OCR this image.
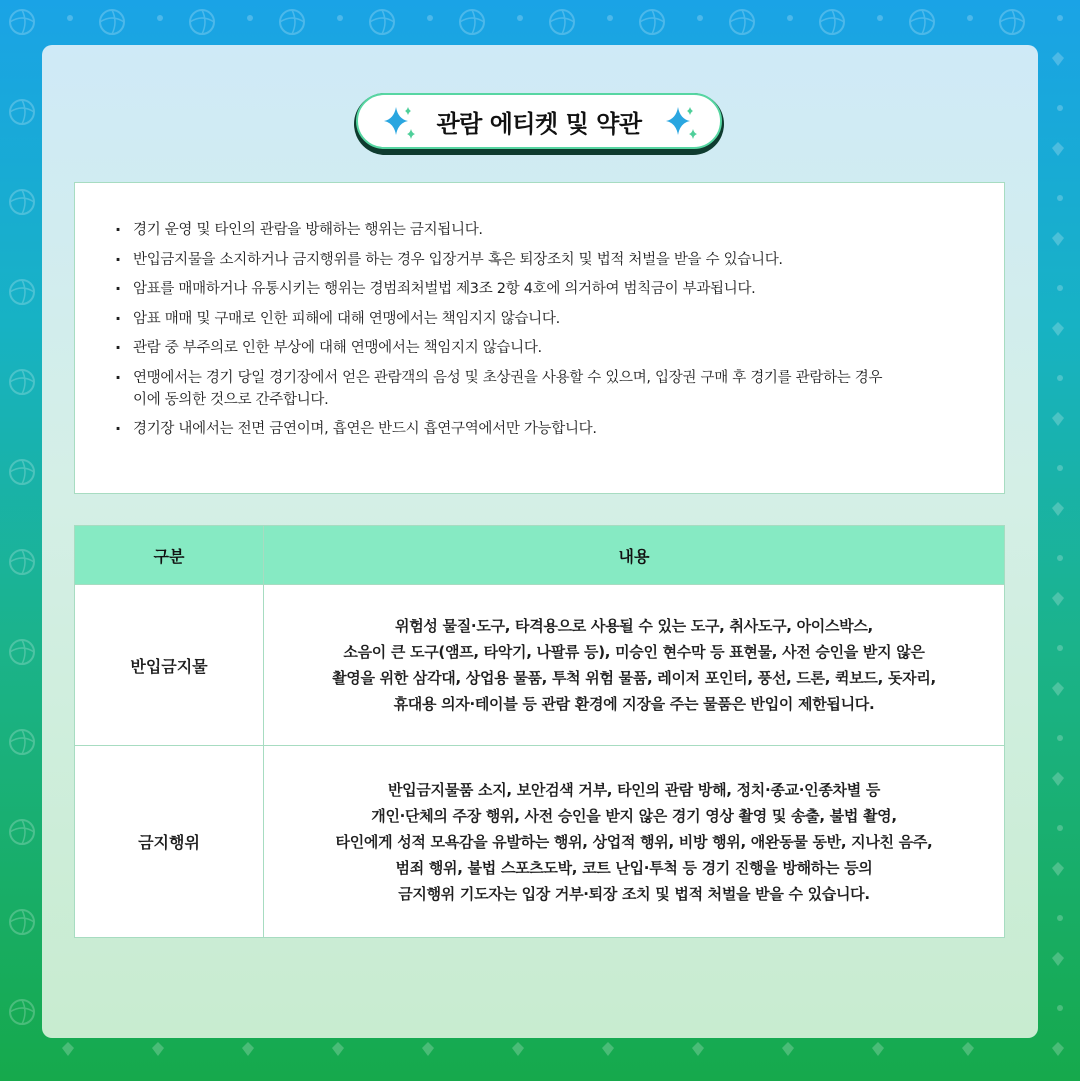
관람 에티켓 및 약관
· 경기 운영 및 타인의 관람을 방해하는 행위는 금지됩니다.
· 반입금지물을 소지하거나 금지행위를 하는 경우 입장거부 혹은 퇴장조치 및 법적 처벌을 받을 수 있습니다.
· 암표를 매매하거나 유통시키는 행위는 경범죄처벌법 제3조 2항 4호에 의거하여 범칙금이 부과됩니다.
· 암표 매매 및 구매로 인한 피해에 대해 연맹에서는 책임지지 않습니다.
· 관람 중 부주의로 인한 부상에 대해 연맹에서는 책임지지 않습니다.
· 연맹에서는 경기 당일 경기장에서 얻은 관람객의 음성 및 초상권을 사용할 수 있으며, 입장권 구매 후 경기를 관람하는 경우
이에 동의한 것으로 간주합니다.
· 경기장 내에서는 전면 금연이며, 흡연은 반드시 흡연구역에서만 가능합니다.
구분	내용
반입금지물	위험성 물질·도구, 타격용으로 사용될 수 있는 도구, 취사도구, 아이스박스,
소음이 큰 도구(앰프, 타악기, 나팔류 등), 미승인 현수막 등 표현물, 사전 승인을 받지 않은
촬영을 위한 삼각대, 상업용 물품, 투척 위험 물품, 레이저 포인터, 풍선, 드론, 퀵보드, 돗자리,
휴대용 의자·테이블 등 관람 환경에 지장을 주는 물품은 반입이 제한됩니다.

금지행위	반입금지물품 소지, 보안검색 거부, 타인의 관람 방해, 정치·종교·인종차별 등
개인·단체의 주장 행위, 사전 승인을 받지 않은 경기 영상 촬영 및 송출, 불법 촬영,
타인에게 성적 모욕감을 유발하는 행위, 상업적 행위, 비방 행위, 애완동물 동반, 지나친 음주,
범죄 행위, 불법 스포츠도박, 코트 난입·투척 등 경기 진행을 방해하는 등의
금지행위 기도자는 입장 거부·퇴장 조치 및 법적 처벌을 받을 수 있습니다.
